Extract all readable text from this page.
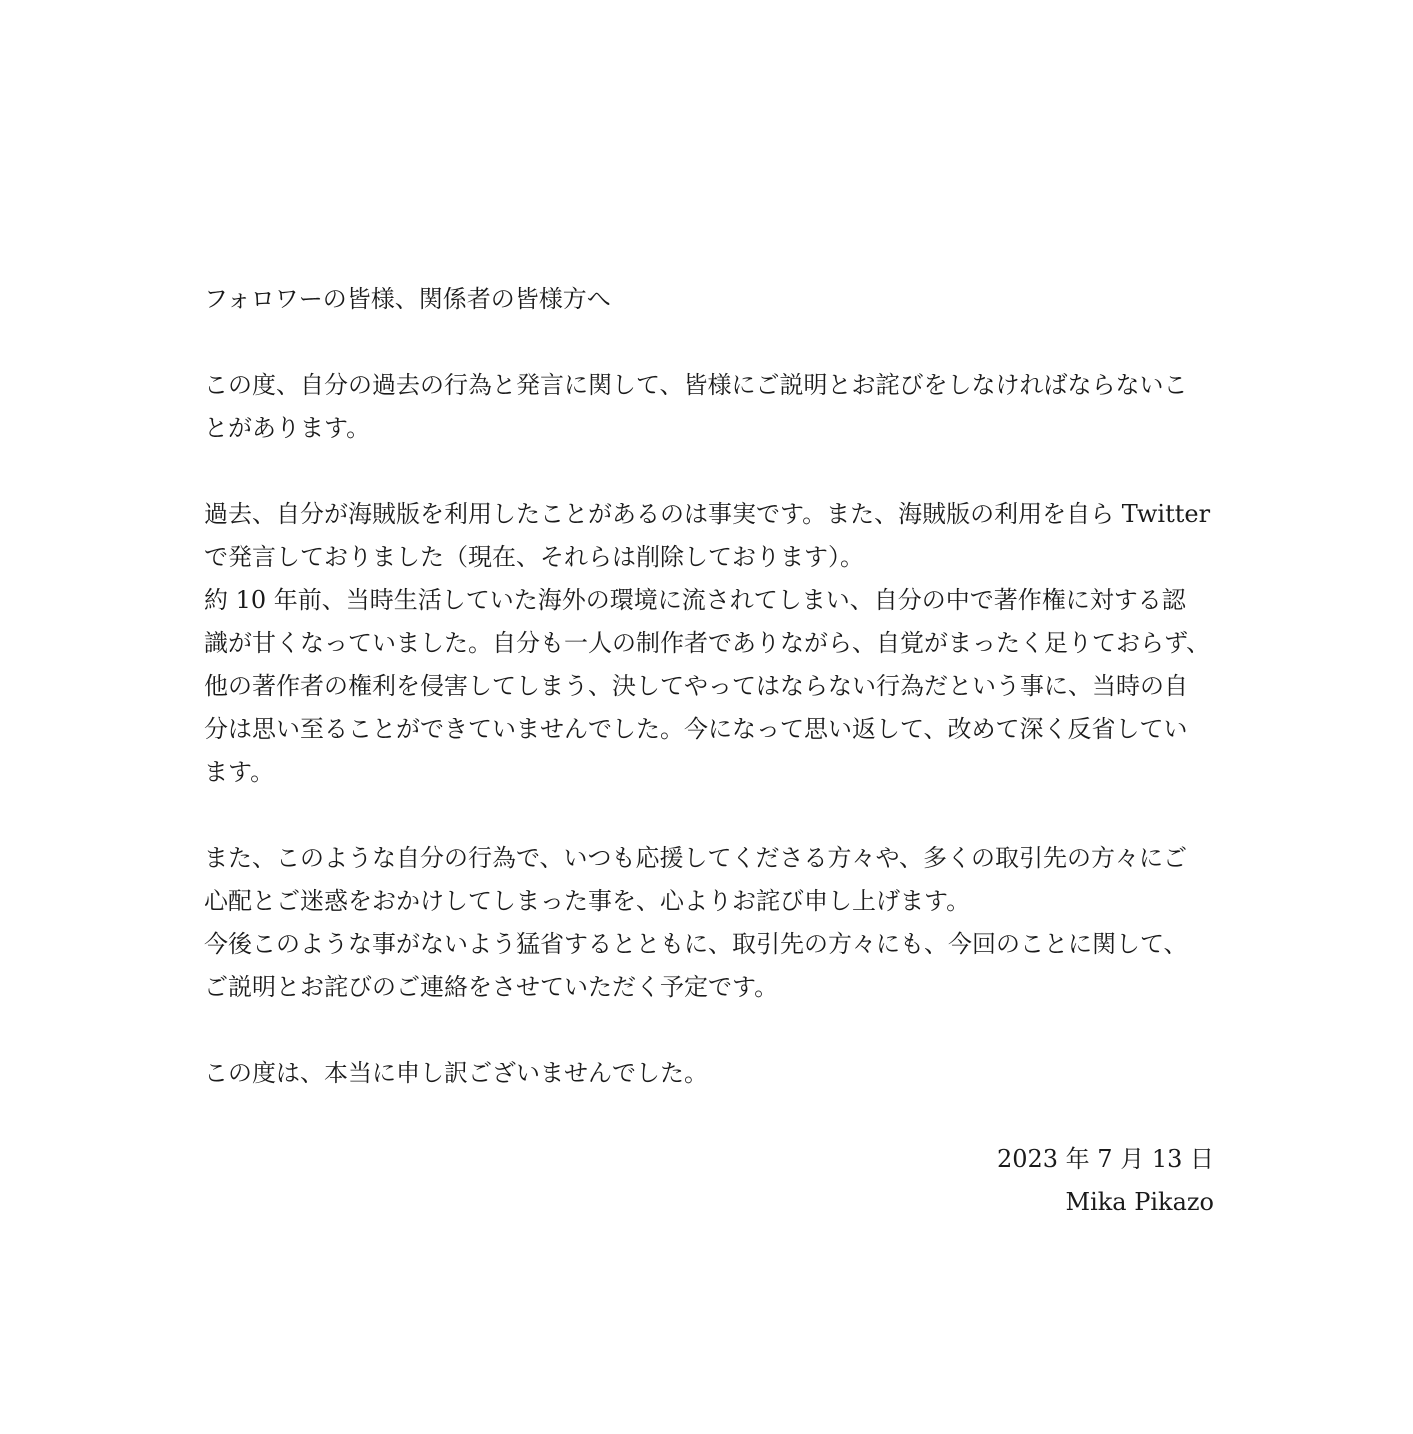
フォロワーの皆様、関係者の皆様方へ
この度、自分の過去の行為と発言に関して、皆様にご説明とお詫びをしなければならないこ
とがあります。
過去、自分が海賊版を利用したことがあるのは事実です。また、海賊版の利用を自ら Twitter
で発言しておりました（現在、それらは削除しております）。
約 10 年前、当時生活していた海外の環境に流されてしまい、自分の中で著作権に対する認
識が甘くなっていました。自分も一人の制作者でありながら、自覚がまったく足りておらず、
他の著作者の権利を侵害してしまう、決してやってはならない行為だという事に、当時の自
分は思い至ることができていませんでした。今になって思い返して、改めて深く反省してい
ます。
また、このような自分の行為で、いつも応援してくださる方々や、多くの取引先の方々にご
心配とご迷惑をおかけしてしまった事を、心よりお詫び申し上げます。
今後このような事がないよう猛省するとともに、取引先の方々にも、今回のことに関して、
ご説明とお詫びのご連絡をさせていただく予定です。
この度は、本当に申し訳ございませんでした。
2023 年 7 月 13 日
Mika Pikazo
